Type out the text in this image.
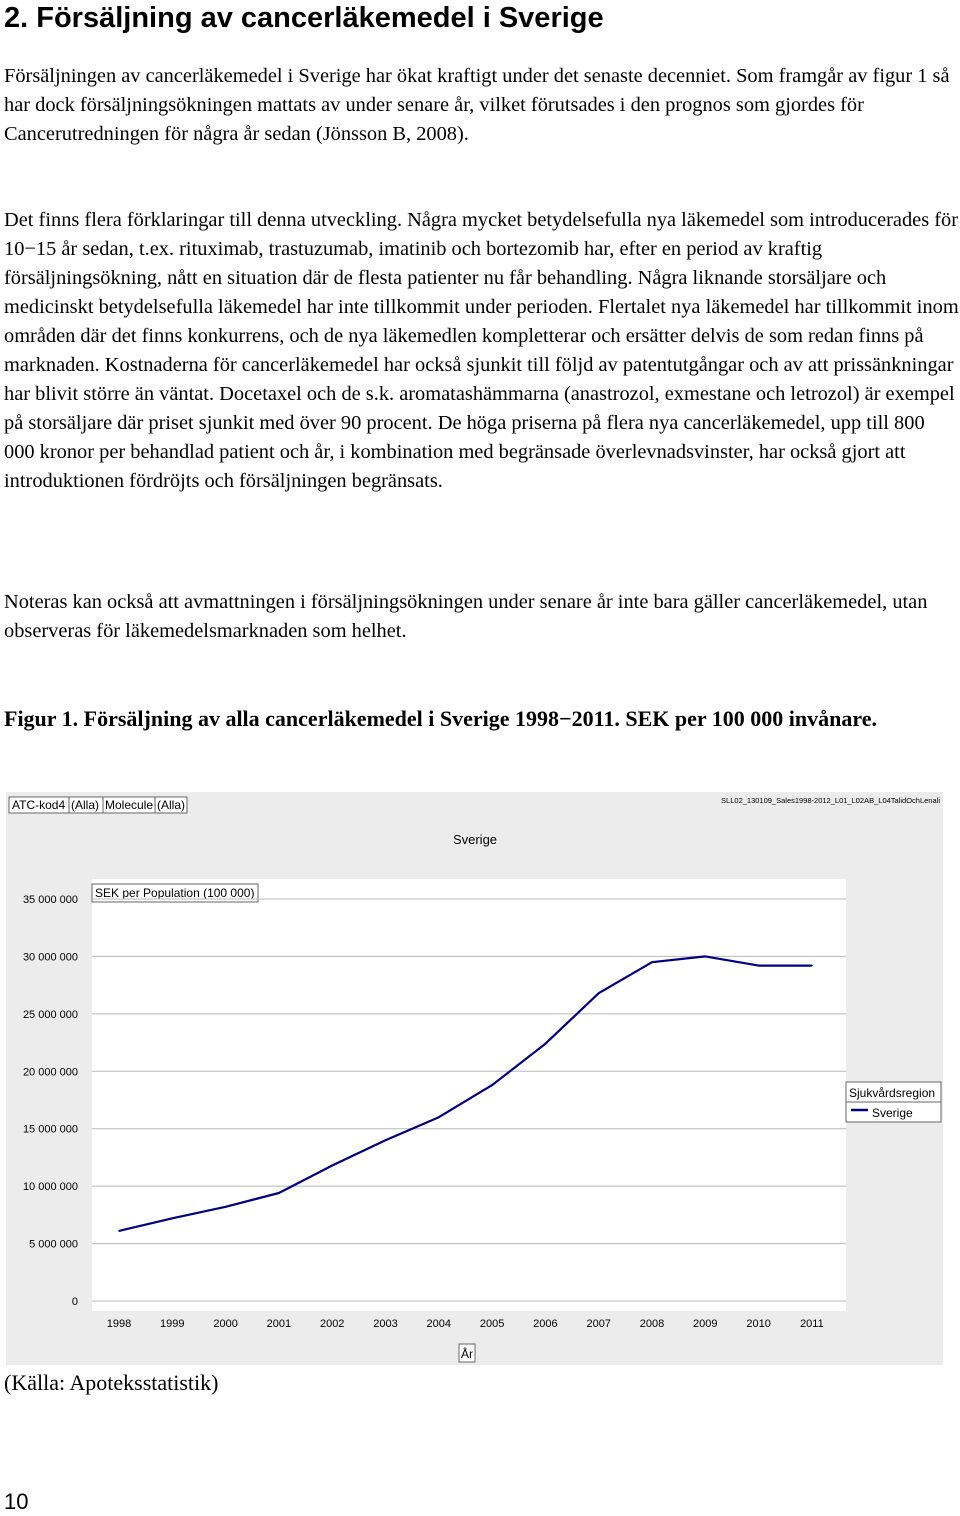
2. Försäljning av cancerläkemedel i Sverige

Försäljningen av cancerläkemedel i Sverige har ökat kraftigt under det senaste decenniet. Som framgår av figur 1 så har dock försäljningsökningen mattats av under senare år, vilket förutsades i den prognos som gjordes för Cancerutredningen för några år sedan (Jönsson B, 2008).

Det finns flera förklaringar till denna utveckling. Några mycket betydelsefulla nya läkemedel som introducerades för 10−15 år sedan, t.ex. rituximab, trastuzumab, imatinib och bortezomib har, efter en period av kraftig försäljningsökning, nått en situation där de flesta patienter nu får behandling. Några liknande storsäljare och medicinskt betydelsefulla läkemedel har inte tillkommit under perioden. Flertalet nya läkemedel har tillkommit inom områden där det finns konkurrens, och de nya läkemedlen kompletterar och ersätter delvis de som redan finns på marknaden. Kostnaderna för cancerläkemedel har också sjunkit till följd av patentutgångar och av att prissänkningar har blivit större än väntat. Docetaxel och de s.k. aromatashämmarna (anastrozol, exmestane och letrozol) är exempel på storsäljare där priset sjunkit med över 90 procent. De höga priserna på flera nya cancerläkemedel, upp till 800 000 kronor per behandlad patient och år, i kombination med begränsade överlevnadsvinster, har också gjort att introduktionen fördröjts och försäljningen begränsats.

Noteras kan också att avmattningen i försäljningsökningen under senare år inte bara gäller cancerläkemedel, utan observeras för läkemedelsmarknaden som helhet.

Figur 1. Försäljning av alla cancerläkemedel i Sverige 1998−2011. SEK per 100 000 invånare.

ATC-kod4 (Alla) Molecule (Alla)	SLL02_130109_Sales1998-2012_L01_L02AB_L04TalidOchLenali
Sverige
SEK per Population (100 000)
0
5 000 000
10 000 000
15 000 000
20 000 000
25 000 000
30 000 000
35 000 000
1998	1999	2000	2001	2002	2003	2004	2005	2006	2007	2008	2009	2010	2011
År
Sjukvårdsregion
Sverige

(Källa: Apoteksstatistik)

10
